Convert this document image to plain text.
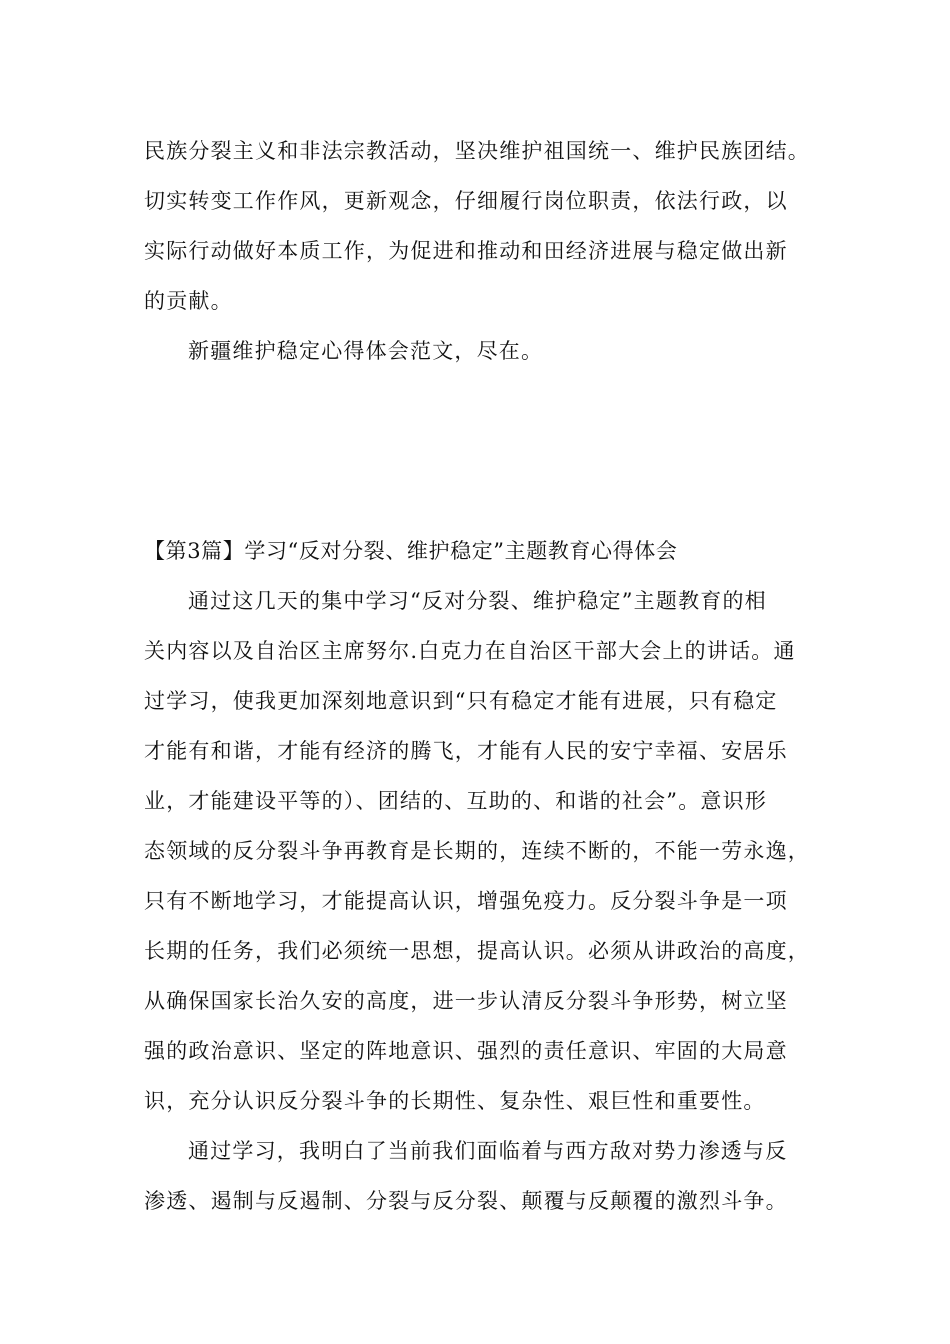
民族分裂主义和非法宗教活动，坚决维护祖国统一、维护民族团结。
切实转变工作作风，更新观念，仔细履行岗位职责，依法行政，以
实际行动做好本质工作，为促进和推动和田经济进展与稳定做出新
的贡献。
新疆维护稳定心得体会范文，尽在。
【第3篇】学习“反对分裂、维护稳定”主题教育心得体会
通过这几天的集中学习“反对分裂、维护稳定”主题教育的相
关内容以及自治区主席努尔.白克力在自治区干部大会上的讲话。通
过学习，使我更加深刻地意识到“只有稳定才能有进展，只有稳定
才能有和谐，才能有经济的腾飞，才能有人民的安宁幸福、安居乐
业，才能建设平等的）、团结的、互助的、和谐的社会”。意识形
态领域的反分裂斗争再教育是长期的，连续不断的，不能一劳永逸，
只有不断地学习，才能提高认识，增强免疫力。反分裂斗争是一项
长期的任务，我们必须统一思想，提高认识。必须从讲政治的高度，
从确保国家长治久安的高度，进一步认清反分裂斗争形势，树立坚
强的政治意识、坚定的阵地意识、强烈的责任意识、牢固的大局意
识，充分认识反分裂斗争的长期性、复杂性、艰巨性和重要性。
通过学习，我明白了当前我们面临着与西方敌对势力渗透与反
渗透、遏制与反遏制、分裂与反分裂、颠覆与反颠覆的激烈斗争。
